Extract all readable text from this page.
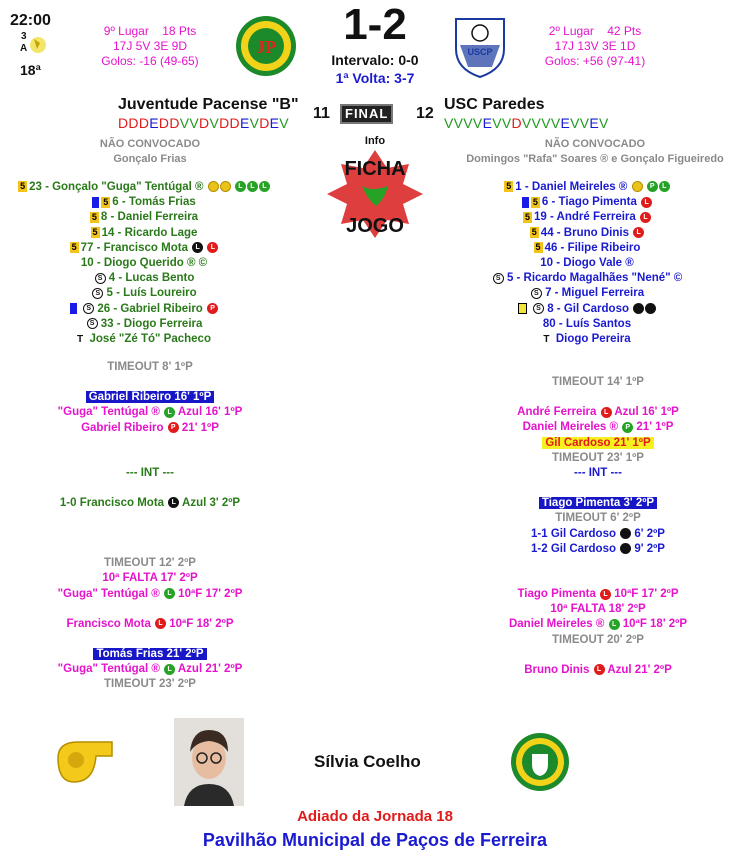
22:00
3
A
18ª
9º Lugar 18 Pts
17J 5V 3E 9D
Golos: -16 (49-65)
JP	1-2
Intervalo: 0-0
1ª Volta: 3-7
USCP
2º Lugar 42 Pts
17J 13V 3E 1D
Golos: +56 (97-41)
Juventude Pacense "B"	USC Paredes
DDDEDDVVDVDDEVDEV	VVVVEVVDVVVVEVVEV
11	FINAL	12
Info
FICHA
JOGO
NÃO CONVOCADO
Gonçalo Frias
NÃO CONVOCADO
Domingos "Rafa" Soares ® e Gonçalo Figueiredo
5 23 - Gonçalo "Guga" Tentúgal ®	L L L
5 6 - Tomás Frias
5 8 - Daniel Ferreira
5 14 - Ricardo Lage
5 77 - Francisco Mota L L
10 - Diogo Querido ® ©
S 4 - Lucas Bento
S 5 - Luís Loureiro
S 26 - Gabriel Ribeiro P
S 33 - Diogo Ferreira
T José "Zé Tó" Pacheco
5 1 - Daniel Meireles ®	P L
5 6 - Tiago Pimenta L
5 19 - André Ferreira L
5 44 - Bruno Dinis L
5 46 - Filipe Ribeiro
10 - Diogo Vale ®
S 5 - Ricardo Magalhães "Nené" ©
S 7 - Miguel Ferreira
S 8 - Gil Cardoso
80 - Luís Santos
T Diogo Pereira
TIMEOUT 8' 1ºP
Gabriel Ribeiro 16' 1ºP
"Guga" Tentúgal ® L Azul 16' 1ºP
Gabriel Ribeiro P 21' 1ºP
--- INT ---
1-0 Francisco Mota L Azul 3' 2ºP
TIMEOUT 12' 2ºP
10ª FALTA 17' 2ºP
"Guga" Tentúgal ® L 10ªF 17' 2ºP
Francisco Mota L 10ªF 18' 2ºP
Tomás Frias 21' 2ºP
"Guga" Tentúgal ® L Azul 21' 2ºP
TIMEOUT 23' 2ºP
TIMEOUT 14' 1ºP
André Ferreira L Azul 16' 1ºP
Daniel Meireles ® P 21' 1ºP
Gil Cardoso 21' 1ºP
TIMEOUT 23' 1ºP
--- INT ---
Tiago Pimenta 3' 2ºP
TIMEOUT 6' 2ºP
1-1 Gil Cardoso  6' 2ºP
1-2 Gil Cardoso  9' 2ºP
Tiago Pimenta L 10ªF 17' 2ºP
10ª FALTA 18' 2ºP
Daniel Meireles ® L 10ªF 18' 2ºP
TIMEOUT 20' 2ºP
Bruno Dinis L Azul 21' 2ºP
Sílvia Coelho
Adiado da Jornada 18
Pavilhão Municipal de Paços de Ferreira
